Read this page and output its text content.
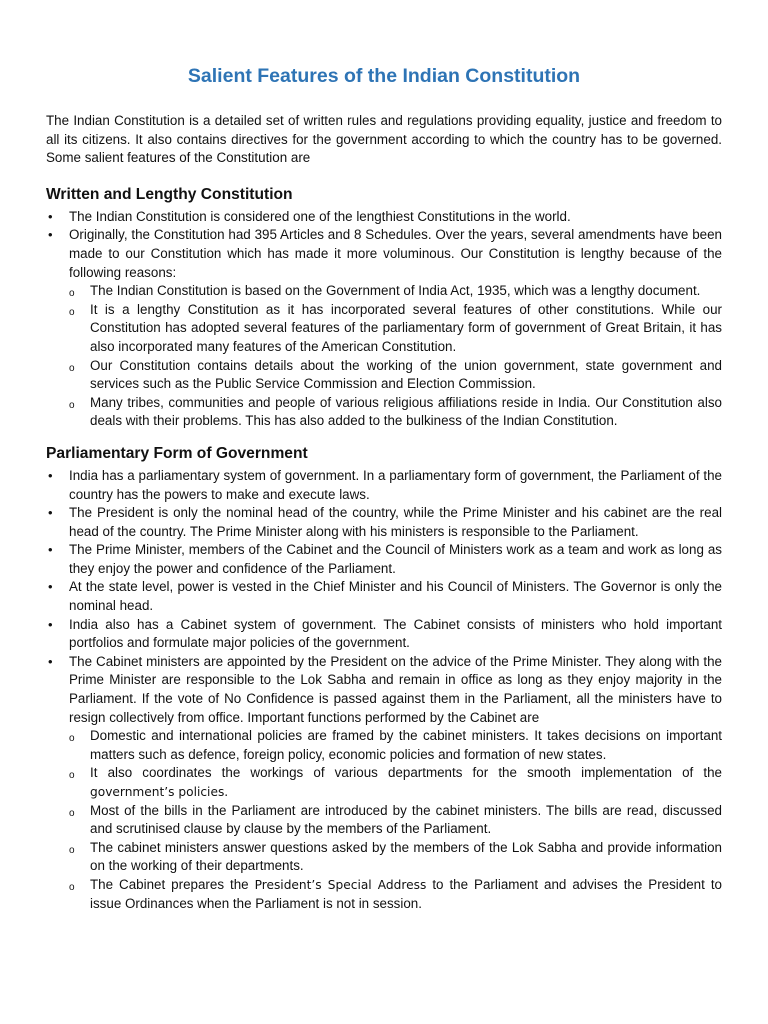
Salient Features of the Indian Constitution

The Indian Constitution is a detailed set of written rules and regulations providing equality, justice and freedom to all its citizens. It also contains directives for the government according to which the country has to be governed. Some salient features of the Constitution are

Written and Lengthy Constitution
• The Indian Constitution is considered one of the lengthiest Constitutions in the world.
• Originally, the Constitution had 395 Articles and 8 Schedules. Over the years, several amendments have been made to our Constitution which has made it more voluminous. Our Constitution is lengthy because of the following reasons:
o The Indian Constitution is based on the Government of India Act, 1935, which was a lengthy document.
o It is a lengthy Constitution as it has incorporated several features of other constitutions. While our Constitution has adopted several features of the parliamentary form of government of Great Britain, it has also incorporated many features of the American Constitution.
o Our Constitution contains details about the working of the union government, state government and services such as the Public Service Commission and Election Commission.
o Many tribes, communities and people of various religious affiliations reside in India. Our Constitution also deals with their problems. This has also added to the bulkiness of the Indian Constitution.
Parliamentary Form of Government
• India has a parliamentary system of government. In a parliamentary form of government, the Parliament of the country has the powers to make and execute laws.
• The President is only the nominal head of the country, while the Prime Minister and his cabinet are the real head of the country. The Prime Minister along with his ministers is responsible to the Parliament.
• The Prime Minister, members of the Cabinet and the Council of Ministers work as a team and work as long as they enjoy the power and confidence of the Parliament.
• At the state level, power is vested in the Chief Minister and his Council of Ministers. The Governor is only the nominal head.
• India also has a Cabinet system of government. The Cabinet consists of ministers who hold important portfolios and formulate major policies of the government.
• The Cabinet ministers are appointed by the President on the advice of the Prime Minister. They along with the Prime Minister are responsible to the Lok Sabha and remain in office as long as they enjoy majority in the Parliament. If the vote of No Confidence is passed against them in the Parliament, all the ministers have to resign collectively from office. Important functions performed by the Cabinet are
o Domestic and international policies are framed by the cabinet ministers. It takes decisions on important matters such as defence, foreign policy, economic policies and formation of new states.
o It also coordinates the workings of various departments for the smooth implementation of the government’s policies.
o Most of the bills in the Parliament are introduced by the cabinet ministers. The bills are read, discussed and scrutinised clause by clause by the members of the Parliament.
o The cabinet ministers answer questions asked by the members of the Lok Sabha and provide information on the working of their departments.
o The Cabinet prepares the President’s Special Address to the Parliament and advises the President to issue Ordinances when the Parliament is not in session.
